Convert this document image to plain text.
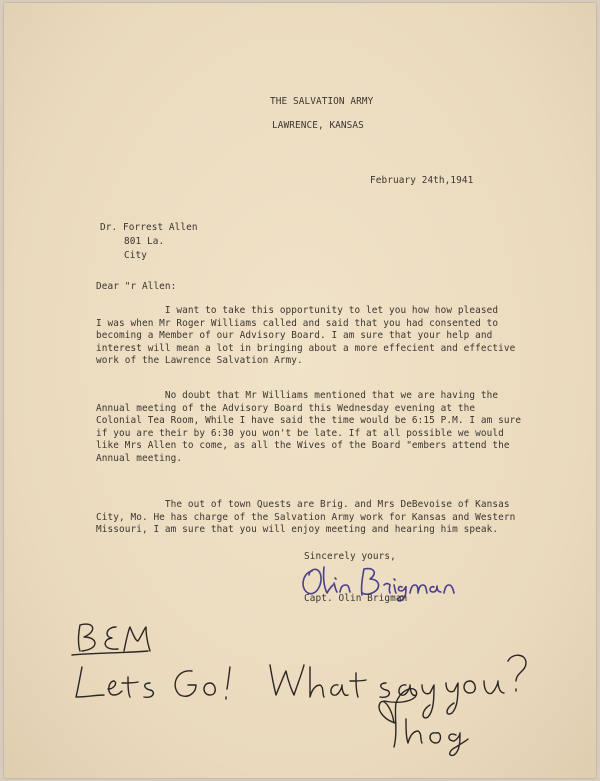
THE SALVATION ARMY

LAWRENCE, KANSAS

February 24th,1941

Dr. Forrest Allen

801 La.

City

Dear "r Allen:

I want to take this opportunity to let you how how pleased
I was when Mr Roger Williams called and said that you had consented to
becoming a Member of our Advisory Board. I am sure that your help and
interest will mean a lot in bringing about a more effecient and effective
work of the Lawrence Salvation Army.

No doubt that Mr Williams mentioned that we are having the
Annual meeting of the Advisory Board this Wednesday evening at the
Colonial Tea Room, While I have said the time would be 6:15 P.M. I am sure
if you are their by 6:30 you won't be late. If at all possible we would
like Mrs Allen to come, as all the Wives of the Board "embers attend the
Annual meeting.

The out of town Quests are Brig. and Mrs DeBevoise of Kansas
City, Mo. He has charge of the Salvation Army work for Kansas and Western
Missouri, I am sure that you will enjoy meeting and hearing him speak.

Sincerely yours,

Capt. Olin Brigman
